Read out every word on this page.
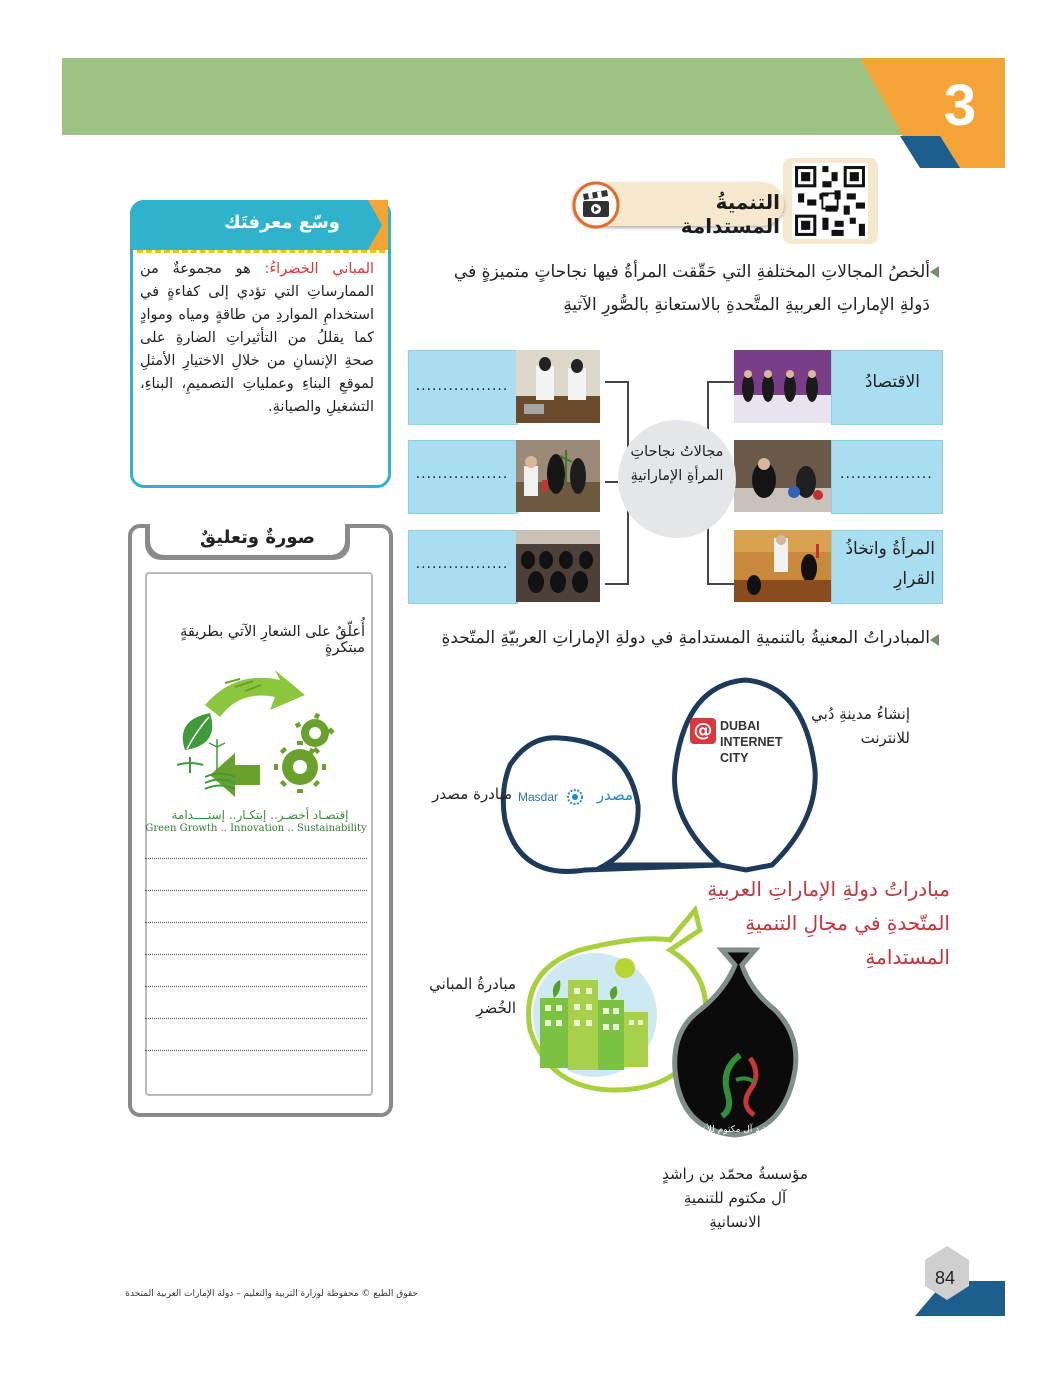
3
التنميةُ المستدامة
وسّع معرفتَك
المباني الخضراءُ: هو مجموعةٌ من الممارساتِ التي تؤدي إلى كفاءةٍ في استخدامِ المواردِ من طاقةٍ ومياه وموادٍ كما يقللُ من التأثيراتِ الضارةِ على صحةِ الإنسانِ من خلالِ الاختيارِ الأمثلِ لموقعِ البناءِ وعملياتِ التصميمِ، البناءِ، التشغيلِ والصيانةِ.
صورةٌ وتعليقٌ
أُعلّقُ على الشعارِ الآتي بطريقةٍ مبتكرةٍ
إقتصـاد أخضـر.. إبتكـار.. إستــــدامة
Green Growth .. Innovation .. Sustainability
ألخصُ المجالاتِ المختلفةِ التي حَقّقت المرأةُ فيها نجاحاتٍ متميزةٍ في دَولةِ الإماراتِ العربيةِ المتَّحدةِ بالاستعانةِ بالصُّورِ الآتيةِ
الاقتصادُ
.................
المرأةُ واتخاذُ القرارِ
.................
.................
.................
مجالاتُ نجاحاتِ المرأةِ الإماراتيةِ
المبادراتُ المعنيةُ بالتنميةِ المستدامةِ في دولةِ الإماراتِ العربيّةِ المتّحدةِ
@ DUBAI
INTERNET
CITY
Masdar	مصدر
محمد بن راشد آل مكتوم للأعمال الخيرية
إنشاءُ مدينةِ دُبي للانترنت
مبادرة مصدر
مبادرةُ المباني الخُضرِ
مؤسسةُ محمّد بن راشدٍ آل مكتوم للتنميةِ الانسانيةِ
مبادراتُ دولةِ الإماراتِ العربيةِ المتّحدةِ في مجالِ التنميةِ المستدامةِ
84
حقوق الطبع © محفوظة لوزارة التربية والتعليم – دولة الإمارات العربية المتحدة
